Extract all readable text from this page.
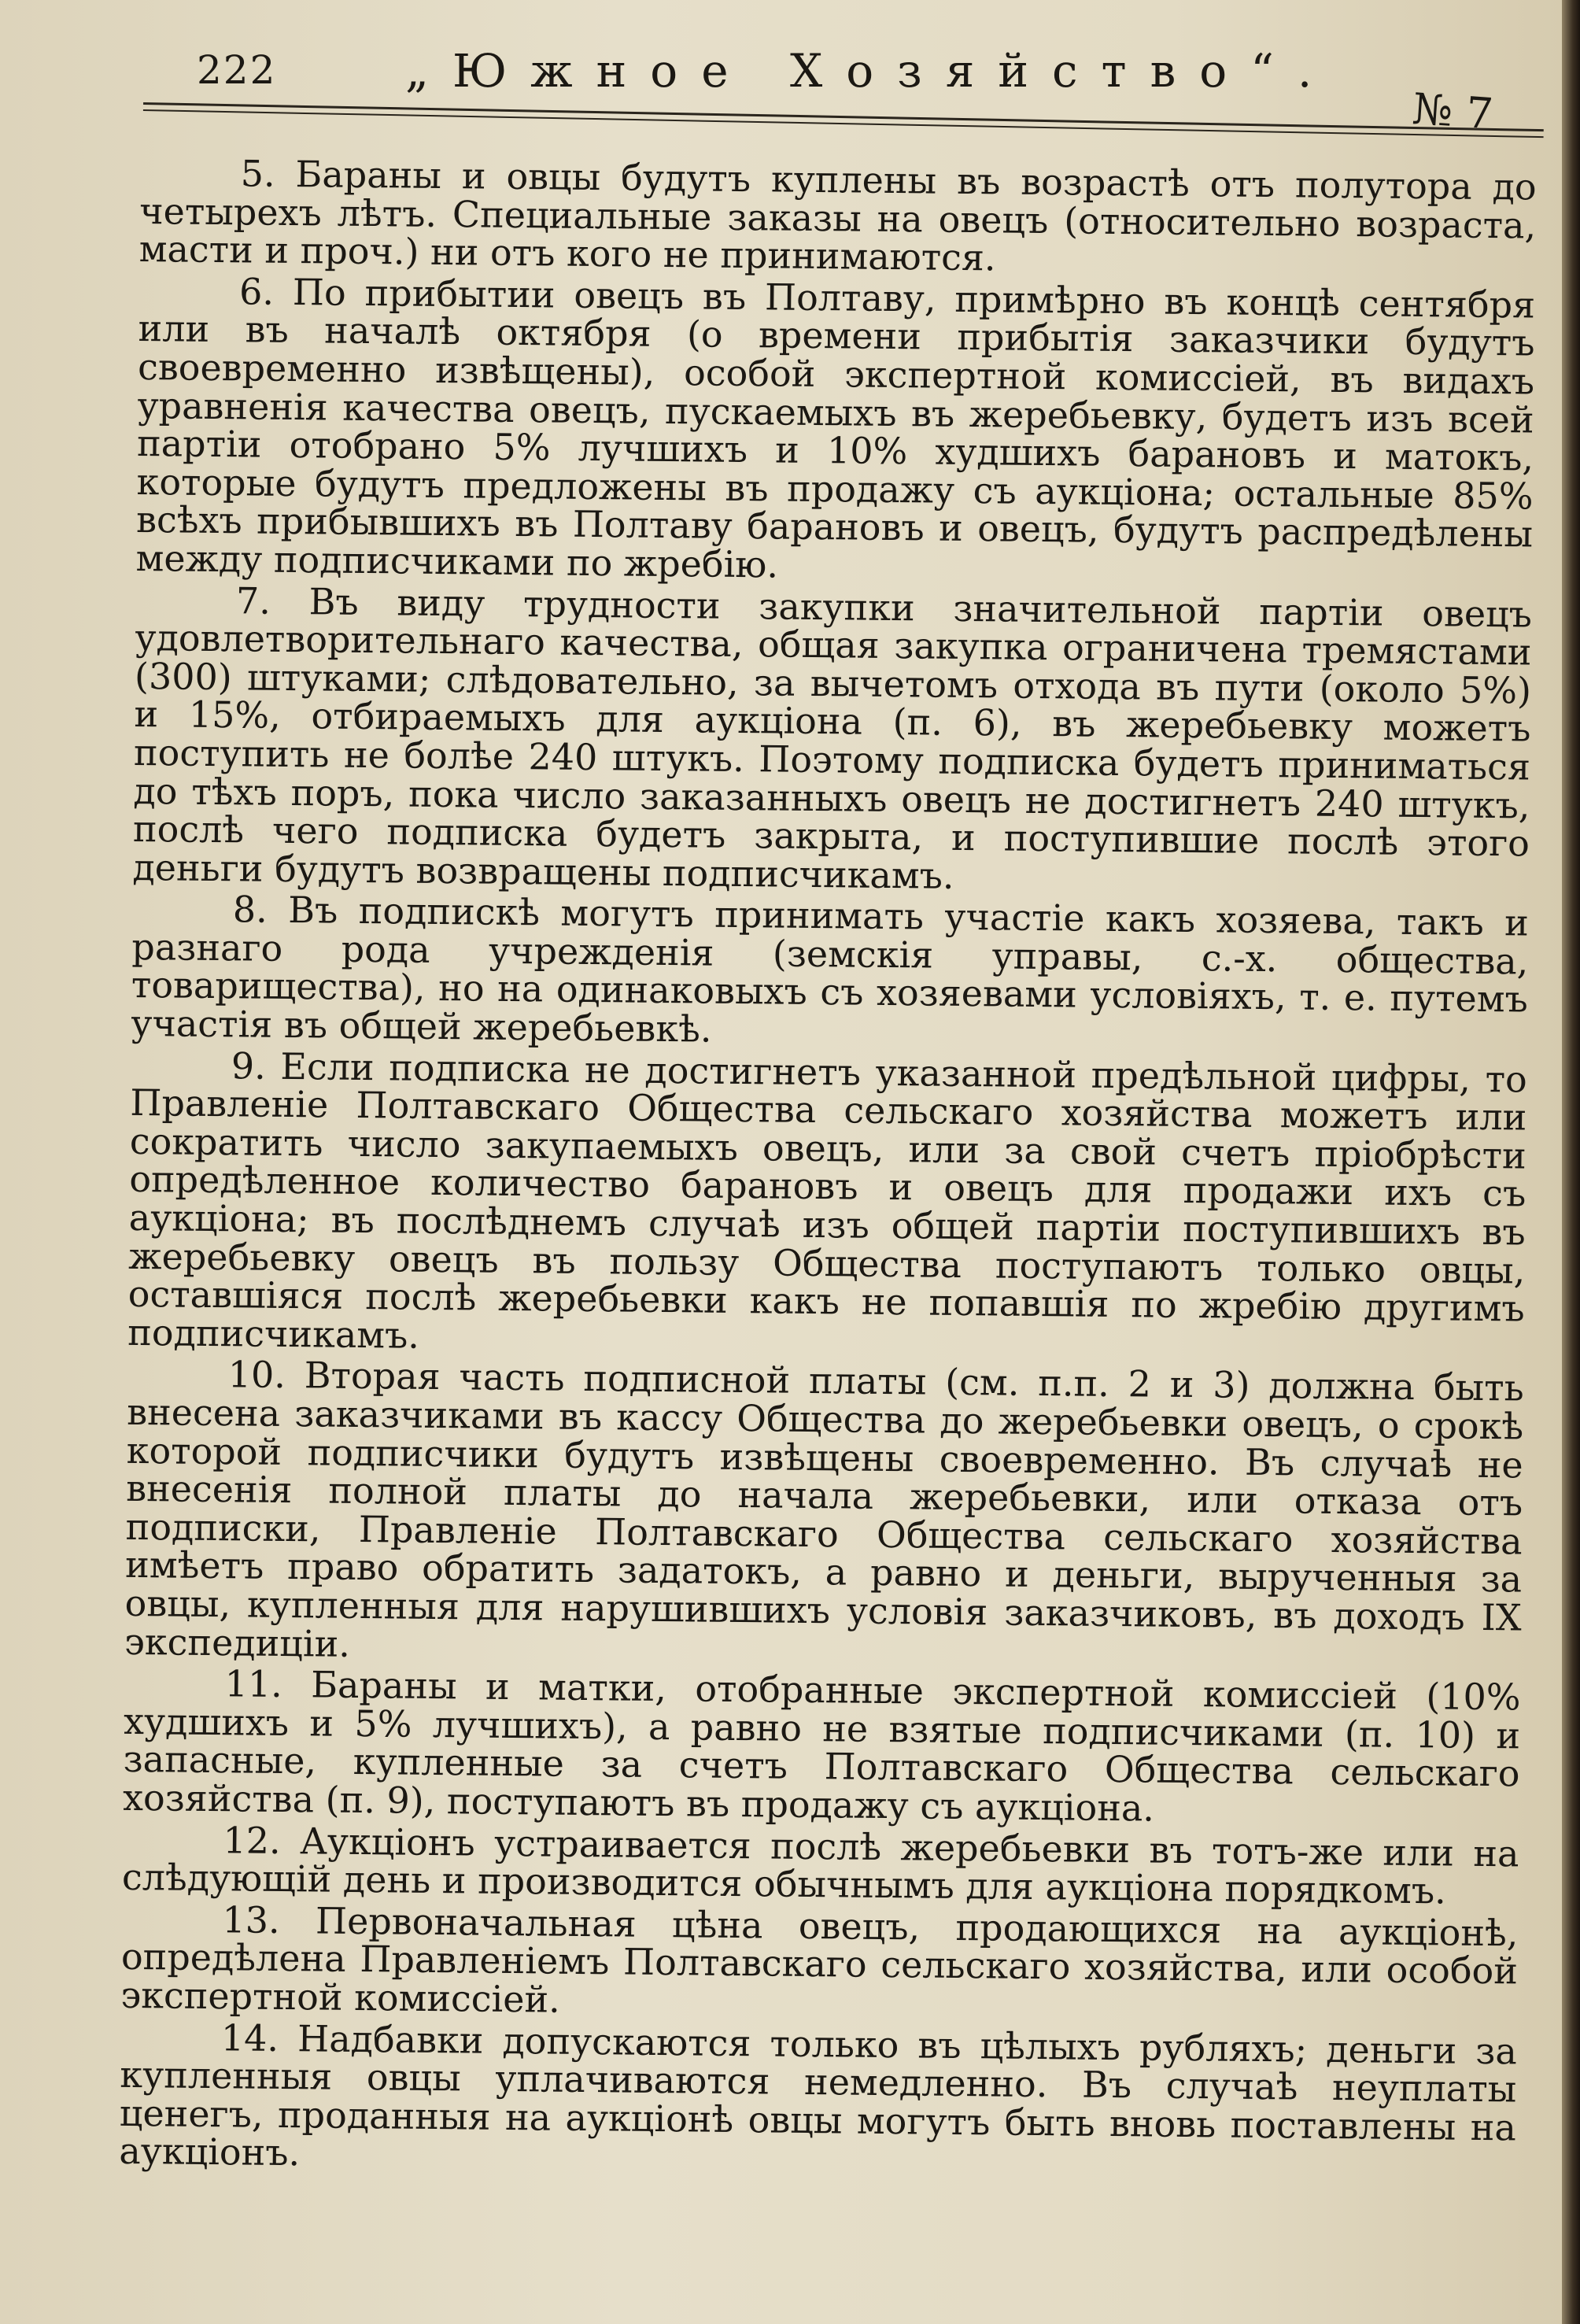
222	„Южное Хозяйство“.
№ 7

5. Бараны и овцы будутъ куплены въ возрастѣ отъ полутора до четырехъ лѣтъ. Специальные заказы на овецъ (относительно возраста, масти и проч.) ни отъ кого не принимаются.

6. По прибытии овецъ въ Полтаву, примѣрно въ концѣ сентября или въ началѣ октября (о времени прибытія заказчики будутъ своевременно извѣщены), особой экспертной комиссіей, въ видахъ уравненія качества овецъ, пускаемыхъ въ жеребьевку, будетъ изъ всей партіи отобрано 5% лучшихъ и 10% худшихъ барановъ и матокъ, которые будутъ предложены въ продажу съ аукціона; остальные 85% всѣхъ прибывшихъ въ Полтаву барановъ и овецъ, будутъ распредѣлены между подписчиками по жребію.

7. Въ виду трудности закупки значительной партіи овецъ удовлетворительнаго качества, общая закупка ограничена тремястами (300) штуками; слѣдовательно, за вычетомъ отхода въ пути (около 5%) и 15%, отбираемыхъ для аукціона (п. 6), въ жеребьевку можетъ поступить не болѣе 240 штукъ. Поэтому подписка будетъ приниматься до тѣхъ поръ, пока число заказанныхъ овецъ не достигнетъ 240 штукъ, послѣ чего подписка будетъ закрыта, и поступившие послѣ этого деньги будутъ возвращены подписчикамъ.

8. Въ подпискѣ могутъ принимать участіе какъ хозяева, такъ и разнаго рода учрежденія (земскія управы, с.-х. общества, товарищества), но на одинаковыхъ съ хозяевами условіяхъ, т. е. путемъ участія въ общей жеребьевкѣ.

9. Если подписка не достигнетъ указанной предѣльной цифры, то Правленіе Полтавскаго Общества сельскаго хозяйства можетъ или сократить число закупаемыхъ овецъ, или за свой счетъ пріобрѣсти опредѣленное количество барановъ и овецъ для продажи ихъ съ аукціона; въ послѣднемъ случаѣ изъ общей партіи поступившихъ въ жеребьевку овецъ въ пользу Общества поступаютъ только овцы, оставшіяся послѣ жеребьевки какъ не попавшія по жребію другимъ подписчикамъ.

10. Вторая часть подписной платы (см. п.п. 2 и 3) должна быть внесена заказчиками въ кассу Общества до жеребьевки овецъ, о срокѣ которой подписчики будутъ извѣщены своевременно. Въ случаѣ не внесенія полной платы до начала жеребьевки, или отказа отъ подписки, Правленіе Полтавскаго Общества сельскаго хозяйства имѣетъ право обратить задатокъ, а равно и деньги, вырученныя за овцы, купленныя для нарушившихъ условія заказчиковъ, въ доходъ IX экспедиціи.

11. Бараны и матки, отобранные экспертной комиссіей (10% худшихъ и 5% лучшихъ), а равно не взятые подписчиками (п. 10) и запасные, купленные за счетъ Полтавскаго Общества сельскаго хозяйства (п. 9), поступаютъ въ продажу съ аукціона.

12. Аукціонъ устраивается послѣ жеребьевки въ тотъ-же или на слѣдующій день и производится обычнымъ для аукціона порядкомъ.

13. Первоначальная цѣна овецъ, продающихся на аукціонѣ, опредѣлена Правленіемъ Полтавскаго сельскаго хозяйства, или особой экспертной комиссіей.

14. Надбавки допускаются только въ цѣлыхъ рубляхъ; деньги за купленныя овцы уплачиваются немедленно. Въ случаѣ неуплаты ценегъ, проданныя на аукціонѣ овцы могутъ быть вновь поставлены на аукціонъ.
